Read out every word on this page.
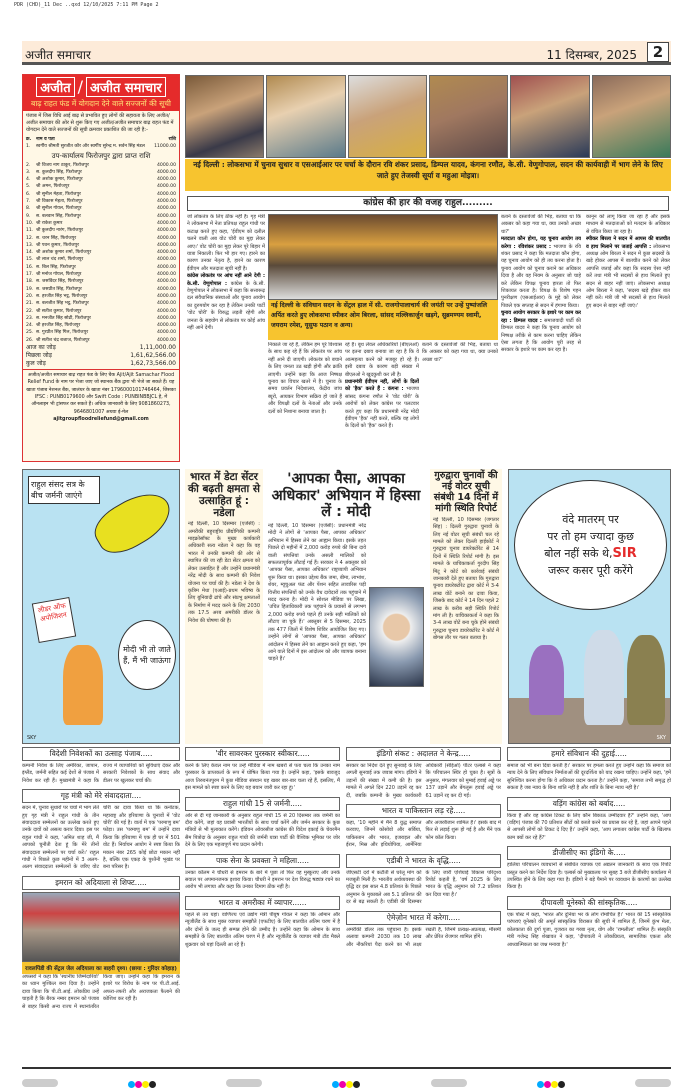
PDR (CHD)_11 Dec ..qxd 12/10/2025 7:11 PM Page 2
अजीत समाचार	11 दिसम्बर, 2025	2
अजीत / अजीत समाचार
बाढ़ राहत फंड में योगदान देने वाले सज्जनों की सूची
पंजाब में जिस विधि आई बाढ़ से प्रभावित हुए लोगों की सहायता के लिए अजीत/अजीत समाचार की ओर से शुरू किए गए अजीत/अजीत समाचार बाढ़ राहत फंड में योगदान देने वाले सज्जनों की सूची क्रमवार प्रकाशित की जा रही है:-
क्र.	नाम व पता	राशि
1.	स्वर्गीय श्रीमती सुरजीत कौर और स्वर्गीय सुरेन्द्र म. सर्वन सिंह मंडल	11000.00
उप-कार्यालय फिरोजपुर द्वारा प्राप्त राशि
2.	श्री विजय नाग ठाकुर, फिरोजपुर	4000.00
3.	स. कुलदीप सिंह, फिरोजपुर	4000.00
4.	श्री अशोक कुमार, फिरोजपुर	4000.00
5.	श्री अमन, फिरोजपुर	4000.00
6.	श्री सुनील मेहता, फिरोजपुर	4000.00
7.	श्री विकास मेहता, फिरोजपुर	4000.00
8.	श्री सुनील गोयल, फिरोजपुर	4000.00
9.	स. बलवान सिंह, फिरोजपुर	4000.00
10. श्री राकेश कुमार	4000.00
11. श्री कुलदीप नारंग, फिरोजपुर	4000.00
12. स. चरन सिंह, फिरोजपुर	4000.00
13. श्री पवन कुमार, फिरोजपुर	4000.00
14. श्री अशोक कुमार शर्मा, फिरोजपुर	4000.00
15. श्री लाल चंद शर्मा, फिरोजपुर	4000.00
16. स. बिल सिंह, फिरोजपुर	4000.00
17. श्री मनोज गोयल, फिरोजपुर	4000.00
18. स. जसविंदर सिंह, फिरोजपुर	4000.00
19. स. जसप्रीत सिंह, फिरोजपुर	4000.00
20. स. हरजीत सिंह भट्ठ, फिरोजपुर	4000.00
21. स. बलजीत सिंह भट्ठ, फिरोजपुर	4000.00
22. श्री सतीश कुमार, फिरोजपुर	4000.00
23. स. मनजीत सिंह सोढी, फिरोजपुर	4000.00
24. श्री हरजीत सिंह, फिरोजपुर	4000.00
25. स. गुरप्रीत सिंह गिल, फिरोजपुर	4000.00
26. श्री सतीश चंद्र बजाज, फिरोजपुर	4000.00
आज का जोड़	1,11,000.00
पिछला जोड़	1,61,62,566.00
कुल जोड़	1,62,73,566.00
अजीत/अजीत समाचार बाढ़ राहत फंड के लिए चैक Ajit/Ajit Samachar Flood Relief Fund के नाम पर भेजा जाए जो स्थानक बैंक द्वारा भी भेजे जा सकते हैं। यह खाता पंजाब नेशनल बैंक, जालंधर के खाता नंबर 1796000101746464, जिसका IFSC : PUNB0179600 और Swift Code : PUNBINBBJCL है, में ऑनलाइन भी ट्रांसफर कर सकते हैं। अधिक जानकारी के लिए 9081860273, 9646801007 अथवा ई-मेल ajitgroupfloodreliefund@gmail.com
नई दिल्ली : लोकसभा में चुनाव सुधार व एसआईआर पर चर्चा के दौरान रवि शंकर प्रसाद, डिम्पल यादव, कंगना रणौत, के.सी. वेणुगोपाल, सदन की कार्यवाही में भाग लेने के लिए जाते हुए तेजस्वी सूर्या व महुआ मोइत्रा।
कांग्रेस की हार की वजह राहुल.........
जो लोकतंत्र के लिए ठीक नहीं है। गृह मंत्री ने लोकसभा में नेता प्रतिपक्ष राहुल गांधी पर कटाक्ष करते हुए कहा, 'ईवीएम को दलील चलने वाली अब वोट चोरी का मुद्दा लेकर आए।' वोट चोरी का मुद्दा लेकर पूरे बिहार में यात्रा निकाली। फिर भी हार गए। हारने का कारण उनका नेतृत्व है, हारने का कारण ईवीएम और मतदाता सूची नहीं है।
कांग्रेस लोकतंत्र पर आंच नहीं आने देगी : के.सी. वेणुगोपाल : कांग्रेस के के.सी. वेणुगोपाल ने लोकसभा में कहा कि सत्तारूढ़ दल संवैधानिक संस्थाओं और चुनाव आयोग का दुरुपयोग कर रहा है लेकिन उनकी पार्टी 'वोट चोरी' के विरुद्ध लड़ती रहेगी और जनता के सहयोग से लोकतंत्र पर कोई आंच नहीं आने देगी।
नई दिल्ली के संविधान सदन के सेंट्रल हाल में सी. राजगोपालाचार्य की जयंती पर उन्हें पुष्पांजलि अर्पित करते हुए लोकसभा स्पीकर ओम बिरला, सांसद मल्लिकार्जुन खड़गे, सुब्रमण्यम स्वामी, जयराम रमेश, यूसुफ पठान व अन्य।
निकाले जा रहे हैं, लेकिन हम पूरे विश्वास के साथ कह रहे हैं कि लोकतंत्र पर आंच नहीं आने दी जाएगी। लोकतंत्र को बचाने के लिए जनता उठ खड़ी होगी और क्रांति लाएगी। उन्होंने कहा कि आज निष्पक्ष चुनाव का विचार खतरे में है। चुनाव के समय प्रवर्तन निदेशालय, केंद्रीय जांच ब्यूरो, आयकर विभाग सक्रिय हो जाते हैं और विपक्षी दलों के नेताओं और उनके दलों को निशाना बनाया जाता है।
रहे हैं। बूथ लेवल अधिकारियों (बीएलओ) पर इतना दबाव बनाया जा रहा है कि वे आत्महत्या करने को मजबूर हो रहे हैं। इसी दबाव के कारण बड़ी संख्या में बीएलओ ने खुदकुशी कर ली है।
प्रधानमंत्री ईवीएम नहीं, लोगों के दिलों को 'हैक' करते हैं : कंगना : भाजपा सांसद कंगना रणौत ने 'वोट चोरी' के आरोपों को लेकर कांग्रेस पर पलटवार करते हुए कहा कि प्रधानमंत्री नरेंद्र मोदी ईवीएम 'हैक' नहीं करते, बल्कि वह लोगों के दिलों को 'हैक' करते हैं।
बताने के दस्तावेजों की भिड़, बताया था कि अकबर को कहा गया था, क्या उनको अच्छा था?'
बताने के दस्तावेजों की भिड़, बताया था कि अकबर को कहा गया था, क्या उनको अच्छा था?'
मतदाता कौन होगा, यह चुनाव आयोग तय करेगा : रविशंकर प्रसाद : भाजपा के रवि शंकर प्रसाद ने कहा कि मतदाता कौन होगा, यह चुनाव आयोग को ही तय करना होता है। चुनाव आयोग को चुनाव कराने का अधिकार दिया है और वह नियम के अनुसार जो चाहे करे लेकिन विपक्ष चुनाव हारता तो फिर शिकायत करता है। विपक्ष के विशेष गहन पुनरीक्षण (एसआईआर) के मुद्दे को लेकर पिछले एक सप्ताह से सदन में हंगामा किया।
चुनाव आयोग सरकार के इशारे पर काम कर रहा : डिम्पल यादव : समाजवादी पार्टी की डिम्पल यादव ने कहा कि चुनाव आयोग को निष्पक्ष तरीके से काम करना चाहिए लेकिन ऐसा लगता है कि आयोग पूरी तरह से सरकार के इशारे पर काम कर रहा है।
कानून को लागू किया जा रहा है और इसके माध्यम से मतदाताओं को मतदान के अधिकार से वंचित किया जा रहा है।
स्पीकर बिरला ने सदन में आपस की बातचीत व हाथ मिलाने पर जताई आपत्ति : लोकसभा अध्यक्ष ओम बिरला ने सदन में कुछ सदस्यों के खड़े होकर आपस में बातचीत करने को लेकर आपत्ति जताई और कहा कि सदस्य ऐसा नहीं करें तथा मंत्री भी सदस्यों से हाथ मिलाते हुए सदन से बाहर नहीं जाएं। लोकसभा अध्यक्ष ओम बिरला ने कहा, 'सदस्य खड़े होकर बात नहीं करें। मंत्री जी भी सदस्यों से हाथ मिलाते हुए सदन से बाहर नहीं जाएं।'
राहुल संसद सत्र के बीच जर्मनी जाएंगे
लीडर ऑफ अपोजिशन
मोदी भी तो जाते हैं, मैं भी जाऊंगा
SKY
भारत में डेटा सेंटर की बढ़ती क्षमता से उत्साहित हूं : नडेला
नई दिल्ली, 10 दिसम्बर (एजेंसी) : अमरीकी बहुराष्ट्रीय प्रौद्योगिकी कम्पनी माइक्रोसॉफ्ट के मुख्य कार्यकारी अधिकारी सत्य नडेला ने कहा कि वह भारत में उनकी कम्पनी की ओर से स्थापित की जा रही डेटा सेंटर क्षमता को लेकर उत्साहित हैं और उन्होंने प्रधानमंत्री नरेंद्र मोदी के साथ कम्पनी की निवेश योजना पर चर्चा की है। नडेला ने देश के कृत्रिम मेधा (एआई)-प्रथम भविष्य के लिए बुनियादी ढांचे और संप्रभु क्षमताओं के निर्माण में मदद करने के लिए 2030 तक 17.5 अरब अमरीकी डॉलर के निवेश की घोषणा की है।
'आपका पैसा, आपका अधिकार' अभियान में हिस्सा लें : मोदी
नई दिल्ली, 10 दिसम्बर (एजेंसी): प्रधानमंत्री नरेंद्र मोदी ने लोगों से 'आपका पैसा, आपका अधिकार' अभियान में हिस्सा लेने का आह्वान किया। इसके तहत पिछले दो महीनों में 2,000 करोड़ रुपये की बिना दावे वाली संपत्तियां उनके असली मालिकों को सफलतापूर्वक लौटाई गई हैं। सरकार ने 4 अक्तूबर को 'आपका पैसा, आपका अधिकार' राष्ट्रव्यापी अभियान शुरू किया था। इसका उद्देश्य बैंक जमा, बीमा, लाभांश, शेयर, म्यूचुअल फंड और पेंशन सहित लावारिस पड़ी वित्तीय संपत्तियों को उनके वैध दावेदारों तक पहुंचाने में मदद करना है। मोदी ने सोशल मीडिया पर लिखा, 'उचित हिताधिकारी तक पहुंचाने के प्रयासों से लगभग 2,000 करोड़ रुपये पहले ही उनके सही मालिकों को लौटाए जा चुके हैं।' अक्तूबर से 5 दिसम्बर, 2025 तक 477 जिलों में विशेष शिविर आयोजित किए गए। उन्होंने लोगों से 'आपका पैसा, आपका अधिकार' आंदोलन में हिस्सा लेने का आह्वान करते हुए कहा, 'हम आने वाले दिनों में इस आंदोलन को और व्यापक बनाना चाहते हैं।'
गुरुद्वारा चुनावों की नई वोटर सूची संबंधी 14 दिनों में मांगी स्थिति रिपोर्ट
नई दिल्ली, 10 दिसम्बर (जगतार सिंह) : दिल्ली गुरुद्वारा चुनावों के लिए नई वोटर सूची संबंधी चल रहे मामले को लेकर दिल्ली हाईकोर्ट ने गुरुद्वारा चुनाव डायरेक्टोरेट से 14 दिनों में स्थिति रिपोर्ट मांगी है। इस मामले के याचिकाकर्ता गुरदीप सिंह मिंटू ने कोर्ट को कार्रवाई संबंधी जानकारी देते हुए बताया कि गुरुद्वारा चुनाव डायरेक्टोरेट द्वारा कोर्ट में 3-4 लाख वोटें बनाने का दावा किया, जिसके बाद कोर्ट ने 14 दिन पहले 2 लाख के करीब सही स्थिति रिपोर्ट मांग ली है। याचिकाकर्ता ने कहा कि 3-4 लाख वोटें बना चुके होने संबंधी गुरुद्वारा चुनाव डायरेक्टोरेट ने कोर्ट में बोगस तौर पर गलत बताया है।
वंदे मातरम् पर
पर तो हम ज्यादा कुछ
बोल नहीं सके थे,SIR
जरूर कसर पूरी करेंगे
SKY
विदेशी निवेशकों का उत्साह पंजाब.....
कम्पनी निवेश के लिए अमेरिका, जापान, इंग्लैंड, जर्मनी सहित कई देशों से पंजाब में निवेश कर रही हैं। मुख्यमंत्री ने कहा कि राज्य में व्यापारियों को सुविधाएं देकर और सरकारी निवेशकों के साथ संवाद और डीलर पर खुलकर चर्चा की।
गृह मंत्री को मेरे संवाददाता....
सदन में, चुनाव सुधारों पर चर्चा में भाग लेते हुए गृह मंत्री ने राहुल गांधी के तीन संवाददाता सम्मेलनों का उल्लेख करते हुए उनके दावों को असत्य करार दिया। इस पर राहुल गांधी ने कहा, 'अमित शाह जी, मैं आपको चुनौती देता हूं कि मेरे तीनों संवाददाता सम्मेलनों पर चर्चा करें।' राहुल गांधी ने पिछले कुछ महीनों में 3 अलग-अलग संवाददाता सम्मेलनों के जरिए वोट चोरी का दावा किया था कि कर्नाटक, महाराष्ट्र और हरियाणा के चुनावों में 'वोट चोरी' की गई है। वार्ता में एक 'परमाणु बम' फोड़ा। उस 'परमाणु बम' में उन्होंने दावा किया कि हरियाणा में एक ही घर में 501 वोट हैं। निर्वाचन आयोग ने स्पष्ट किया कि मकान नंबर 265 कोई छोटा मकान नहीं है, बल्कि एक एकड़ के पुश्तैनी भूखंड पर बना परिसर है।
इमरान को अदियाला से शिफ्ट.....
रावलपिंडी की सेंट्रल जेल अदियाला का बाहरी दृश्य। (छाया : गुरिंदर कोहाड़)
अफसरों ने कहा कि 'स्थानीय जिम्मेदारियों' का ध्यान मुश्किल बना दिया है। उन्होंने दावा किया कि पी.टी.आई. लोकप्रिय उन्हें चाहती है कि बैरक नम्बर इमरान को पंजाब से बाहर किसी अन्य राज्य में स्थानांतरित किया जाए। उन्होंने कहा कि इमरान के इशारे पर विरोध के नाम पर पी.टी.आई. अफरा-तफरी और अराजकता फैलाने की कोशिश कर रही है।
'वीर सावरकर पुरस्कार स्वीकार.....
करने के लिए केवल नाम पर उन्हें मीडिया में नाम खबरों से पता चला कि उनका नाम पुरस्कार के प्राप्तकर्ता के रूप में घोषित किया गया है। उन्होंने कहा, 'इसके बावजूद आज तिरुवनंतपुरम में कुछ मीडिया संस्थान यह खबर बार-बार चला रहे हैं, इसलिए, मैं इस मामले को स्पष्ट करने के लिए यह बयान जारी कर रहा हूं।'
राहुल गांधी 15 से जर्मनी.....
ओर से दी गई जानकारी के अनुसार राहुल गांधी 15 से 20 दिसम्बर तक जर्मनी का दौरा करेंगे, जहां वह प्रवासी भारतीयों के साथ चर्चा करेंगे और जर्मन सरकार के कुछ मंत्रियों से भी मुलाकात करेंगे। इंडियन ओवरसीज कांग्रेस की विदेश इकाई के चेयरमैन सैम पित्रोदा के अनुसार राहुल गांधी की जर्मनी यात्रा पार्टी की वैश्विक भूमिका पर जोर देने के लिए एक महत्वपूर्ण मंच प्रदान करेगी।
पाक सेना के प्रवक्ता ने महिला.....
उनका कॉलम ने चौधरी से इमरान के बारे में पूछा तो फिर वह मुस्कुराए और उनके सवाल पर अपमानजनक इशारा किया। चौधरी ने इमरान पर देश विरुद्ध षड्यंत्र रचने का आरोप भी लगाया और कहा कि उनका दिमाग ठीक नहीं है।
भारत व अमरीका में व्यापार......
पहले से तय यहां। वाणिज्य एवं उद्योग मंत्री पीयूष गोयल ने कहा कि ओमान और न्यूजीलैंड के साथ मुक्त व्यापार समझौते (एफटीए) के लिए बातचीत अंतिम चरण में है और दोनों के जल्द ही सम्पन्न होने की उम्मीद है। उन्होंने कहा कि ओमान के साथ समझौते के लिए बातचीत अंतिम चरण में है और न्यूजीलैंड के व्यापार मंत्री टॉड मैक्ले शुक्रवार को यहां दिल्ली आ रहे हैं।
इंडिगो संकट : अदालत ने केन्द्र.....
सरकार का निर्देश देते हुए सुनवाई के लिए अगली सुनवाई तक जवाब मांगा। इंडिगो ने उड़ानों की संख्या में कमी की है। इस मामले में अगले दिन 220 उड़ानें रद्द कर दीं, जबकि कम्पनी के मुख्य कार्यकारी अधिकारी (सीईओ) पीटर एल्बर्स ने कहा कि परिचालन स्थिर हो चुका है। सूत्रों के अनुसार, मंगलवार को मुम्बई हवाई अड्डे पर 137 उड़ानें और बेंगलूरू हवाई अड्डे पर 61 उड़ानें रद्द कर दी गईं।
भारत व पाकिस्तान लड़ रहे.....
कहा, '10 महीने में मैंने 8 युद्ध समाप्त करवाए, जिनमें कोसोवो और सर्बिया, पाकिस्तान और भारत, इजराइल और ईरान, मिस्र और इथियोपिया, आर्मेनिया और अजरबैजान शामिल हैं।' इसके बाद में फिर से लड़ाई शुरू हो गई है और मैंने एक फोन कॉल किया।
एडीबी ने भारत के वृद्धि.....
जीएसटी दरों में कटौती से घरेलू मांग को मजबूती मिली है। भारतीय अर्थव्यवस्था की वृद्धि दर इस साल 4.8 प्रतिशत के पिछले अनुमान के मुकाबले अब 5.1 प्रतिशत की दर से बढ़ सकती है। एडीबी की दिसम्बर के लिए जारी एशियाई विकास परिदृश्य रिपोर्ट कहती है, 'वर्ष 2025 के लिए भारत के वृद्धि अनुमान को 7.2 प्रतिशत कर दिया गया है।'
ऐमेज़ोन भारत में करेगा.....
अमरीकी डॉलर तक पहुंचाना है। इसके अलावा कम्पनी 2030 तक 10 लाख और नौकरियां पैदा करने का भी लक्ष्य रखती है, जिनमें प्रत्यक्ष-अप्रत्यक्ष, मौसमी और प्रेरित रोजगार शामिल होंगे।
हमारे संविधान की दुहाई.....
समाज को भी बना दिया करती है।' सरकार पर हमला करते हुए उन्होंने कहा कि समाज को न्याय देने के लिए संविधान निर्माताओं की दूरदर्शिता को याद रखना चाहिए। उन्होंने कहा, 'हमें सुनिश्चित करना होगा कि वे अधिकार प्रदान करता है।' उन्होंने कहा, 'समाज तभी समृद्ध हो सकता है जब न्याय के बिना शांति नहीं है और शांति के बिना न्याय नहीं है।'
वड़िंग कांग्रेस को बर्बाद.....
किया है और वह कांग्रेस टिकट के लिए कौन बिकाऊ उम्मीदवार है?' उन्होंने कहा, 'आप (वड़िंग) पंजाब की 70 प्रतिशत सीटों को कब्जे करने का प्रयास कर रहे हैं, जहां आपने पहले से आपसी लोगों को टिकट दे दिए हैं।' उन्होंने कहा, 'आप लगातार कांग्रेस पार्टी के खिलाफ काम क्यों कर रहे हैं?'
डीजीसीए का इंडिगो के.....
हालिया परिचालन व्यवधानों से संबंधित व्यापक एवं अद्यतन जानकारी के साथ एक रिपोर्ट प्रस्तुत करने का निर्देश दिया है। एल्बर्स को मुख्यालय पर सुबह 3 बजे डीजीसीए कार्यालय में उपस्थित होने के लिए कहा गया है। इंडिगो ने बड़े पैमाने पर व्यवधान के कारणों का उल्लेख किया है।
दीपावली यूनेस्को की सांस्कृतिक.....
एक पोस्ट में कहा, 'भारत और दुनिया भर के लोग रोमांचित हैं।' भारत की 15 सांस्कृतिक परंपराएं यूनेस्को की अमूर्त सांस्कृतिक विरासत की सूची में शामिल हैं, जिनमें कुंभ मेला, कोलकाता की दुर्गा पूजा, गुजरात का गरबा नृत्य, योग और 'रामलीला' शामिल हैं। संस्कृति मंत्री गजेन्द्र सिंह शेखावत ने कहा, 'दीपावली ने लोकप्रियता, सामाजिक एकता और आध्यात्मिकता का जश्न मनाया है।'
